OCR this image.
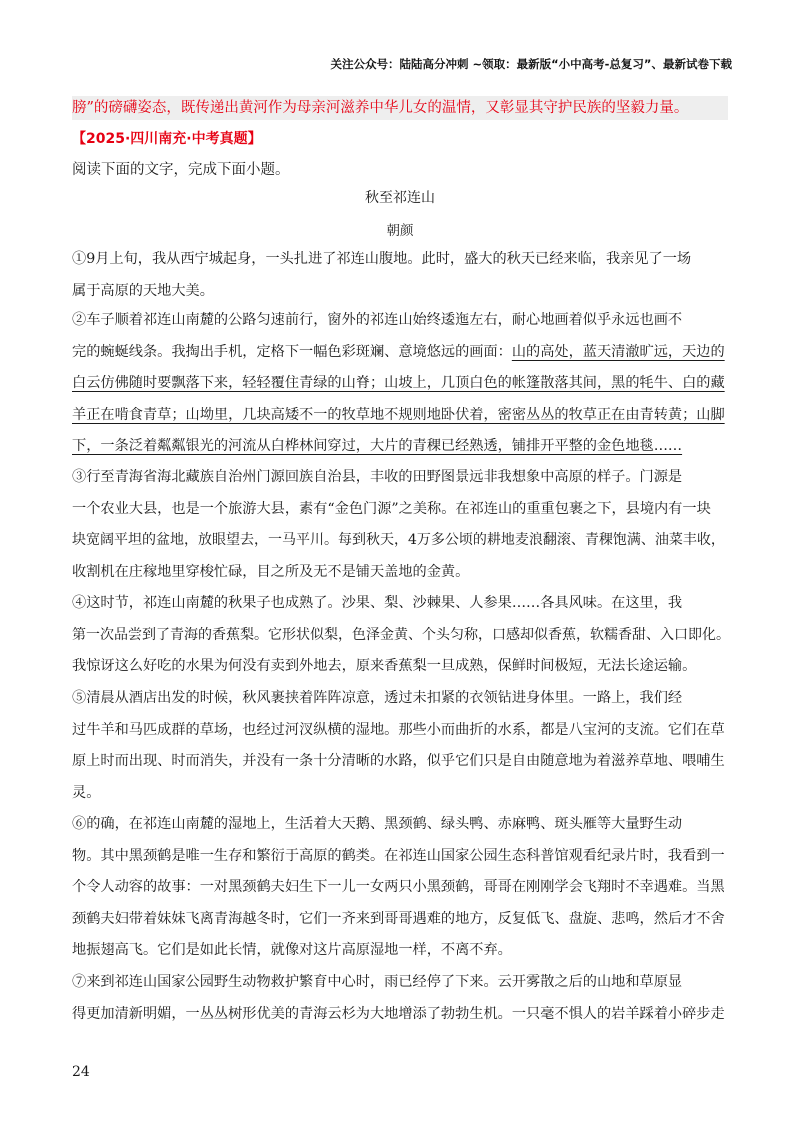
关注公众号：陆陆高分冲刺 ~领取：最新版“小中高考-总复习”、最新试卷下载
膀”的磅礴姿态，既传递出黄河作为母亲河滋养中华儿女的温情，又彰显其守护民族的坚毅力量。
【2025·四川南充·中考真题】
阅读下面的文字，完成下面小题。
秋至祁连山
朝颜

①9月上旬，我从西宁城起身，一头扎进了祁连山腹地。此时，盛大的秋天已经来临，我亲见了一场
属于高原的天地大美。

②车子顺着祁连山南麓的公路匀速前行，窗外的祁连山始终逶迤左右，耐心地画着似乎永远也画不
完的蜿蜒线条。我掏出手机，定格下一幅色彩斑斓、意境悠远的画面：山的高处，蓝天清澈旷远，天边的
白云仿佛随时要飘落下来，轻轻覆住青绿的山脊；山坡上，几顶白色的帐篷散落其间，黑的牦牛、白的藏
羊正在啃食青草；山坳里，几块高矮不一的牧草地不规则地卧伏着，密密丛丛的牧草正在由青转黄；山脚
下，一条泛着粼粼银光的河流从白桦林间穿过，大片的青稞已经熟透，铺排开平整的金色地毯……

③行至青海省海北藏族自治州门源回族自治县，丰收的田野图景远非我想象中高原的样子。门源是
一个农业大县，也是一个旅游大县，素有“金色门源”之美称。在祁连山的重重包裹之下，县境内有一块
块宽阔平坦的盆地，放眼望去，一马平川。每到秋天，4万多公顷的耕地麦浪翻滚、青稞饱满、油菜丰收，
收割机在庄稼地里穿梭忙碌，目之所及无不是铺天盖地的金黄。

④这时节，祁连山南麓的秋果子也成熟了。沙果、梨、沙棘果、人参果……各具风味。在这里，我
第一次品尝到了青海的香蕉梨。它形状似梨，色泽金黄、个头匀称，口感却似香蕉，软糯香甜、入口即化。
我惊讶这么好吃的水果为何没有卖到外地去，原来香蕉梨一旦成熟，保鲜时间极短，无法长途运输。

⑤清晨从酒店出发的时候，秋风裹挟着阵阵凉意，透过未扣紧的衣领钻进身体里。一路上，我们经
过牛羊和马匹成群的草场，也经过河汊纵横的湿地。那些小而曲折的水系，都是八宝河的支流。它们在草
原上时而出现、时而消失，并没有一条十分清晰的水路，似乎它们只是自由随意地为着滋养草地、喂哺生
灵。

⑥的确，在祁连山南麓的湿地上，生活着大天鹅、黑颈鹤、绿头鸭、赤麻鸭、斑头雁等大量野生动
物。其中黑颈鹤是唯一生存和繁衍于高原的鹤类。在祁连山国家公园生态科普馆观看纪录片时，我看到一
个令人动容的故事：一对黑颈鹤夫妇生下一儿一女两只小黑颈鹤，哥哥在刚刚学会飞翔时不幸遇难。当黑
颈鹤夫妇带着妹妹飞离青海越冬时，它们一齐来到哥哥遇难的地方，反复低飞、盘旋、悲鸣，然后才不舍
地振翅高飞。它们是如此长情，就像对这片高原湿地一样，不离不弃。

⑦来到祁连山国家公园野生动物救护繁育中心时，雨已经停了下来。云开雾散之后的山地和草原显
得更加清新明媚，一丛丛树形优美的青海云杉为大地增添了勃勃生机。一只毫不惧人的岩羊踩着小碎步走

24
